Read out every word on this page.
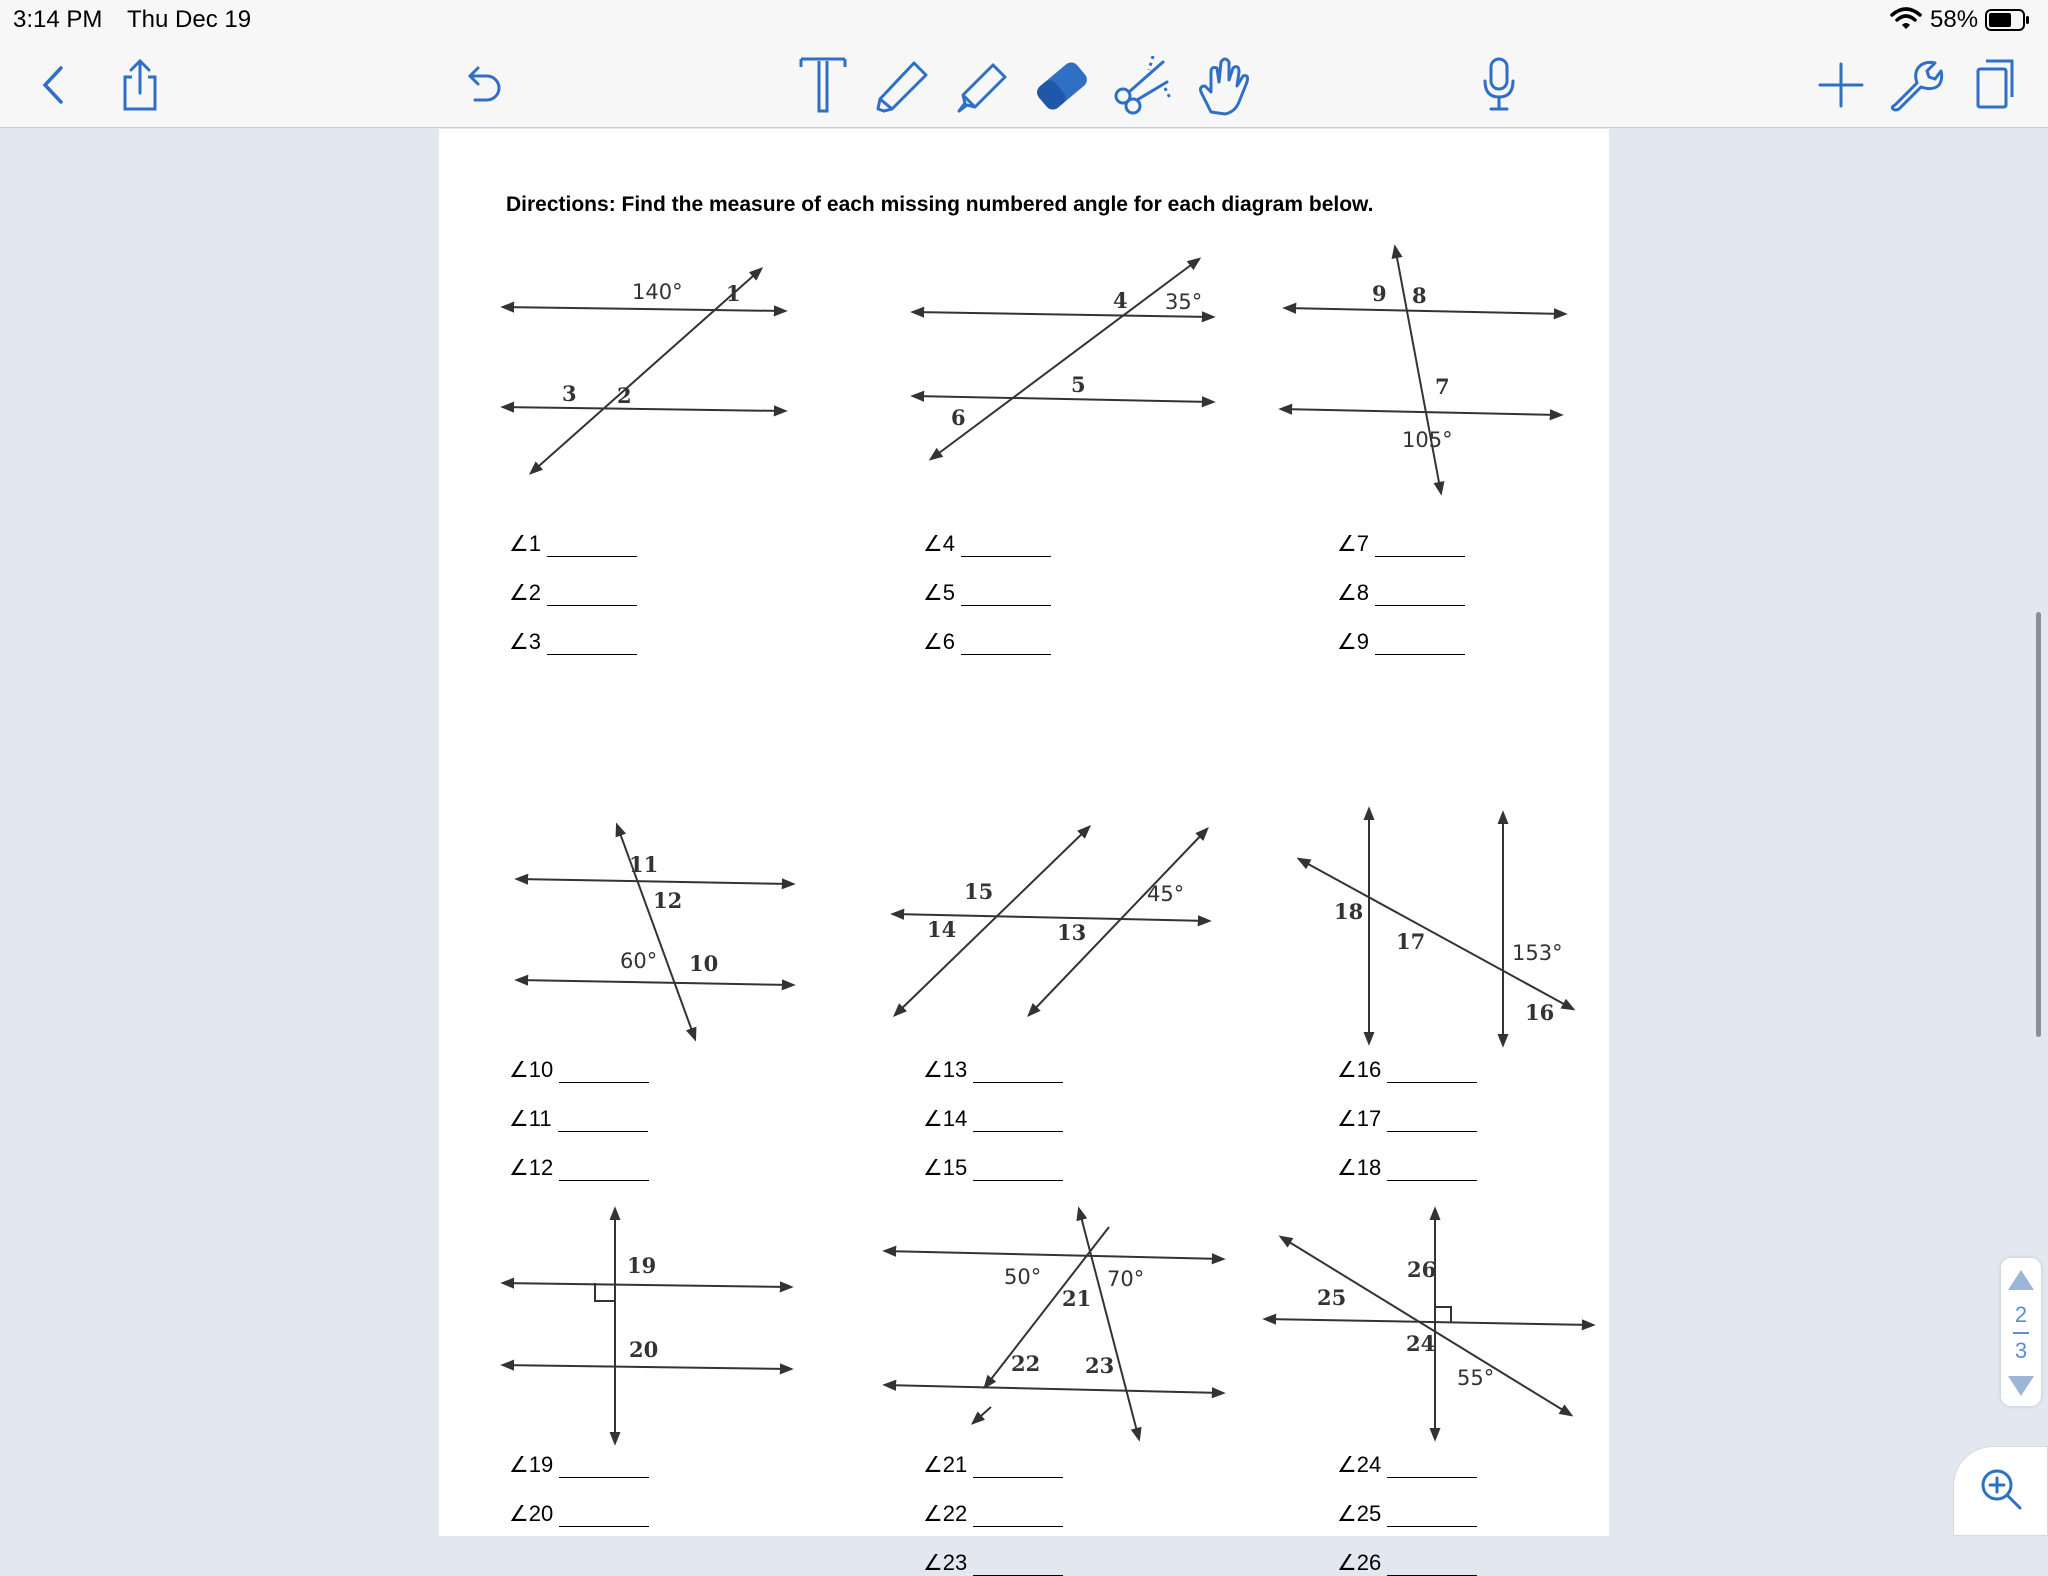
3:14 PM Thu Dec 19	58%
Directions: Find the measure of each missing numbered angle for each diagram below.
140° 1
3 2
4 35°
5
6
9 8
7
105°
∠1
∠2
∠3
∠4
∠5
∠6
∠7
∠8
∠9
11
12
60° 10
15	45°
14	13
18
17	153°
16
∠10
∠11
∠12
∠13
∠14
∠15
∠16
∠17
∠18
19
20
50°	70°
21
22 23
26
25
24
55°
∠19
∠20
∠21
∠22
∠23
∠24
∠25
∠26
2
3
